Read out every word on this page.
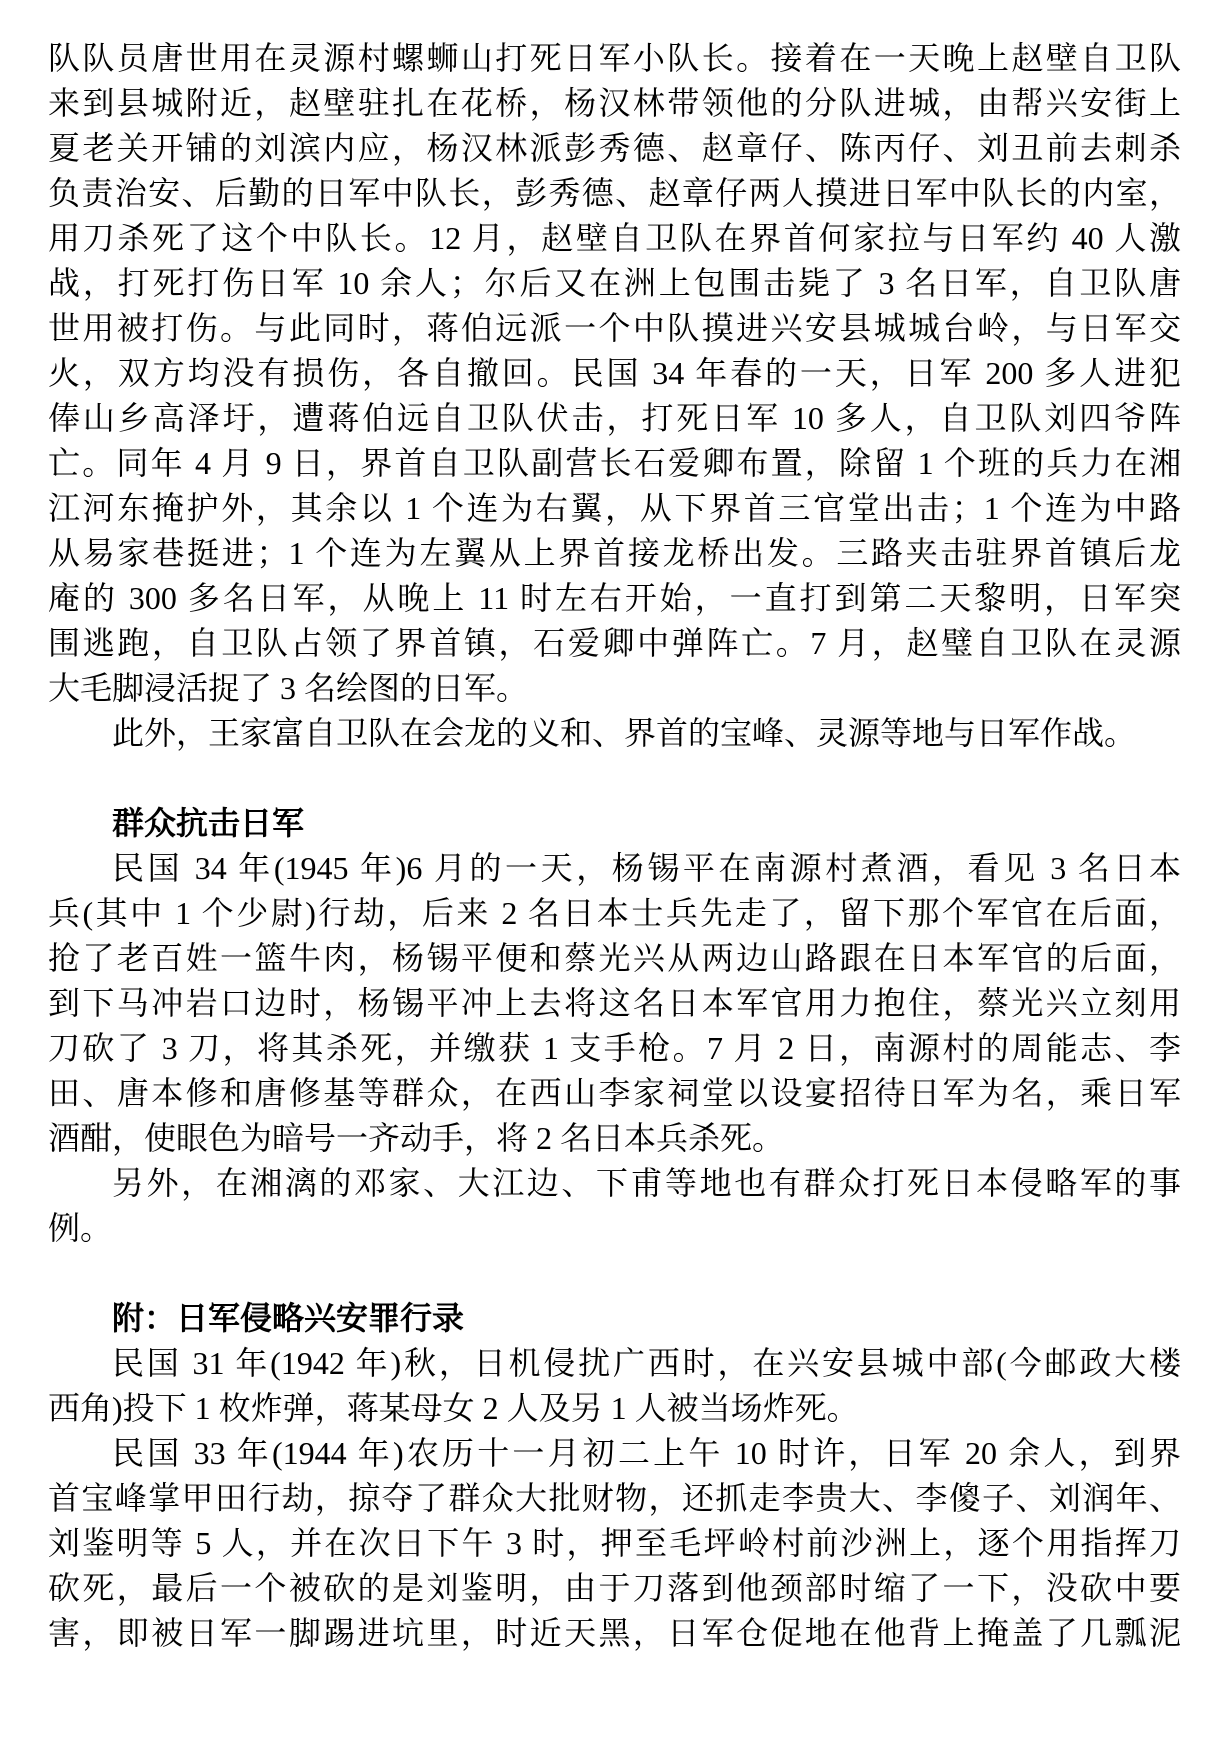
队队员唐世用在灵源村螺蛳山打死日军小队长。接着在一天晚上赵壁自卫队
来到县城附近，赵壁驻扎在花桥，杨汉林带领他的分队进城，由帮兴安街上
夏老关开铺的刘滨内应，杨汉林派彭秀德、赵章仔、陈丙仔、刘丑前去刺杀
负责治安、后勤的日军中队长，彭秀德、赵章仔两人摸进日军中队长的内室，
用刀杀死了这个中队长。12 月，赵壁自卫队在界首何家拉与日军约 40 人激
战，打死打伤日军 10 余人；尔后又在洲上包围击毙了 3 名日军，自卫队唐
世用被打伤。与此同时，蒋伯远派一个中队摸进兴安县城城台岭，与日军交
火，双方均没有损伤，各自撤回。民国 34 年春的一天，日军 200 多人进犯
俸山乡高泽圩，遭蒋伯远自卫队伏击，打死日军 10 多人，自卫队刘四爷阵
亡。同年 4 月 9 日，界首自卫队副营长石爱卿布置，除留 1 个班的兵力在湘
江河东掩护外，其余以 1 个连为右翼，从下界首三官堂出击；1 个连为中路
从易家巷挺进；1 个连为左翼从上界首接龙桥出发。三路夹击驻界首镇后龙
庵的 300 多名日军，从晚上 11 时左右开始，一直打到第二天黎明，日军突
围逃跑，自卫队占领了界首镇，石爱卿中弹阵亡。7 月，赵璧自卫队在灵源
大毛脚浸活捉了 3 名绘图的日军。

此外，王家富自卫队在会龙的义和、界首的宝峰、灵源等地与日军作战。

群众抗击日军

民国 34 年(1945 年)6 月的一天，杨锡平在南源村煮酒，看见 3 名日本
兵(其中 1 个少尉)行劫，后来 2 名日本士兵先走了，留下那个军官在后面，
抢了老百姓一篮牛肉，杨锡平便和蔡光兴从两边山路跟在日本军官的后面，
到下马冲岩口边时，杨锡平冲上去将这名日本军官用力抱住，蔡光兴立刻用
刀砍了 3 刀，将其杀死，并缴获 1 支手枪。7 月 2 日，南源村的周能志、李
田、唐本修和唐修基等群众，在西山李家祠堂以设宴招待日军为名，乘日军
酒酣，使眼色为暗号一齐动手，将 2 名日本兵杀死。

另外，在湘漓的邓家、大江边、下甫等地也有群众打死日本侵略军的事
例。

附：日军侵略兴安罪行录

民国 31 年(1942 年)秋，日机侵扰广西时，在兴安县城中部(今邮政大楼
西角)投下 1 枚炸弹，蒋某母女 2 人及另 1 人被当场炸死。

民国 33 年(1944 年)农历十一月初二上午 10 时许，日军 20 余人，到界
首宝峰掌甲田行劫，掠夺了群众大批财物，还抓走李贵大、李傻子、刘润年、
刘鉴明等 5 人，并在次日下午 3 时，押至毛坪岭村前沙洲上，逐个用指挥刀
砍死，最后一个被砍的是刘鉴明，由于刀落到他颈部时缩了一下，没砍中要
害，即被日军一脚踢进坑里，时近天黑，日军仓促地在他背上掩盖了几瓢泥
